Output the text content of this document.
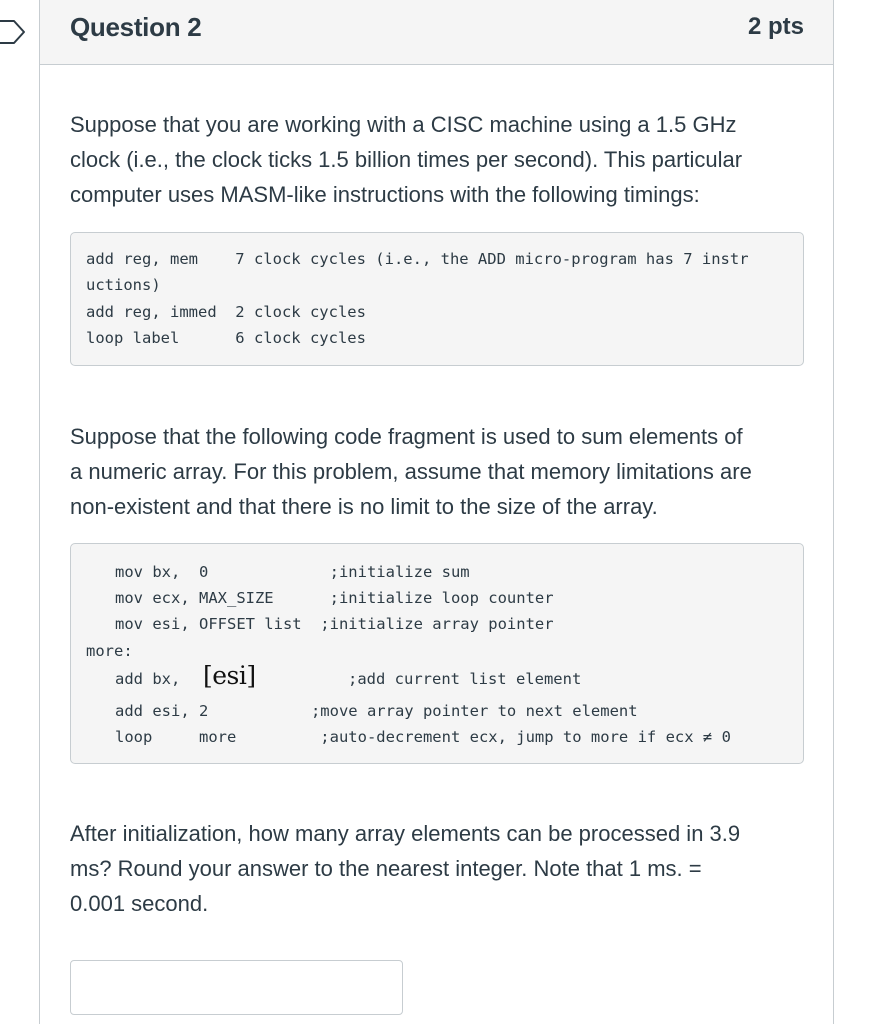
Question 2	2 pts
Suppose that you are working with a CISC machine using a 1.5 GHz
clock (i.e., the clock ticks 1.5 billion times per second). This particular
computer uses MASM-like instructions with the following timings:
add reg, mem    7 clock cycles (i.e., the ADD micro-program has 7 instr
uctions)
add reg, immed  2 clock cycles
loop label      6 clock cycles
Suppose that the following code fragment is used to sum elements of
a numeric array. For this problem, assume that memory limitations are
non-existent and that there is no limit to the size of the array.
mov bx,  0             ;initialize sum
mov ecx, MAX_SIZE      ;initialize loop counter
mov esi, OFFSET list  ;initialize array pointer
more:
add bx, [esi]	;add current list element
add esi, 2           ;move array pointer to next element
loop     more         ;auto-decrement ecx, jump to more if ecx ≠ 0
After initialization, how many array elements can be processed in 3.9
ms? Round your answer to the nearest integer. Note that 1 ms. =
0.001 second.
